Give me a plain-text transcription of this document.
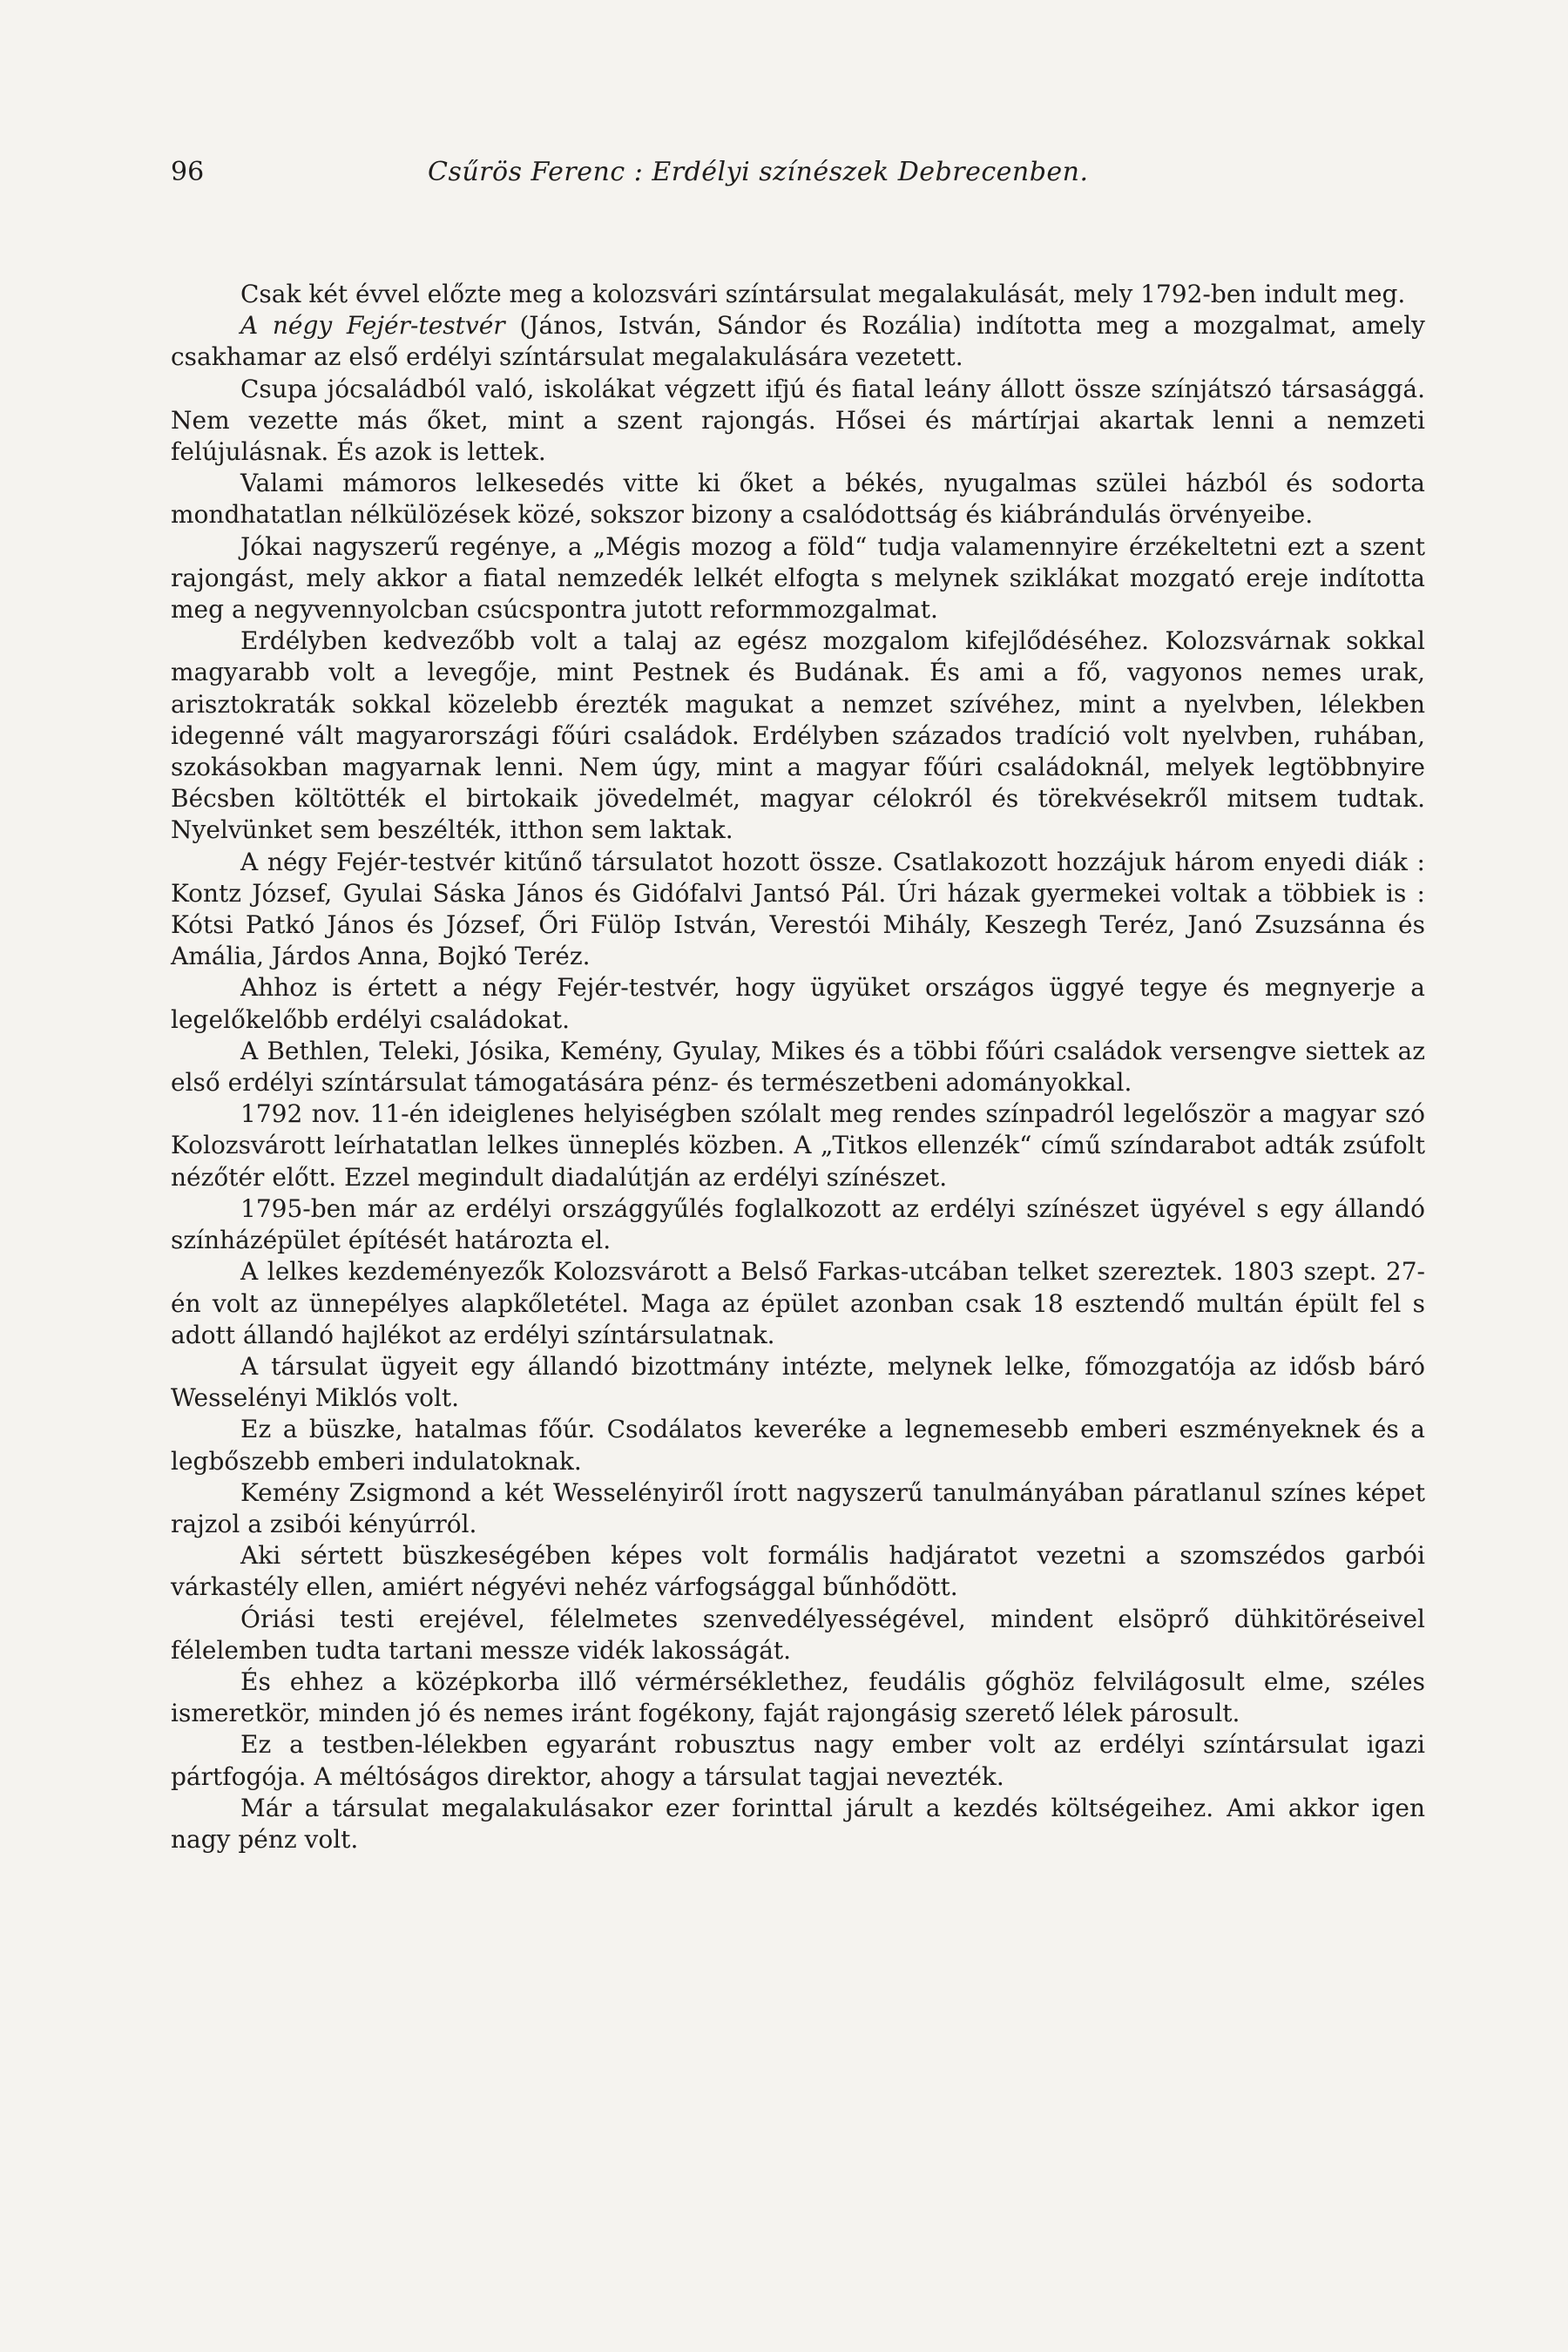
96	Csűrös Ferenc : Erdélyi színészek Debrecenben.

Csak két évvel előzte meg a kolozsvári színtársulat megalakulását, mely 1792-ben indult meg.

A négy Fejér-testvér (János, István, Sándor és Rozália) indította meg a mozgalmat, amely csakhamar az első erdélyi színtársulat megalakulására vezetett.

Csupa jócsaládból való, iskolákat végzett ifjú és fiatal leány állott össze színjátszó társasággá. Nem vezette más őket, mint a szent rajongás. Hősei és mártírjai akartak lenni a nemzeti felújulásnak. És azok is lettek.

Valami mámoros lelkesedés vitte ki őket a békés, nyugalmas szülei házból és sodorta mondhatatlan nélkülözések közé, sokszor bizony a csalódottság és kiábrándulás örvényeibe.

Jókai nagyszerű regénye, a „Mégis mozog a föld“ tudja valamennyire érzékeltetni ezt a szent rajongást, mely akkor a fiatal nemzedék lelkét elfogta s melynek sziklákat mozgató ereje indította meg a negyvennyolcban csúcspontra jutott reformmozgalmat.

Erdélyben kedvezőbb volt a talaj az egész mozgalom kifejlődéséhez. Kolozsvárnak sokkal magyarabb volt a levegője, mint Pestnek és Budának. És ami a fő, vagyonos nemes urak, arisztokraták sokkal közelebb érezték magukat a nemzet szívéhez, mint a nyelvben, lélekben idegenné vált magyarországi főúri családok. Erdélyben százados tradíció volt nyelvben, ruhában, szokásokban magyarnak lenni. Nem úgy, mint a magyar főúri családoknál, melyek legtöbbnyire Bécsben költötték el birtokaik jövedelmét, magyar célokról és törekvésekről mitsem tudtak. Nyelvünket sem beszélték, itthon sem laktak.

A négy Fejér-testvér kitűnő társulatot hozott össze. Csatlakozott hozzájuk három enyedi diák : Kontz József, Gyulai Sáska János és Gidófalvi Jantsó Pál. Úri házak gyermekei voltak a többiek is : Kótsi Patkó János és József, Őri Fülöp István, Verestói Mihály, Keszegh Teréz, Janó Zsuzsánna és Amália, Járdos Anna, Bojkó Teréz.

Ahhoz is értett a négy Fejér-testvér, hogy ügyüket országos üggyé tegye és megnyerje a legelőkelőbb erdélyi családokat.

A Bethlen, Teleki, Jósika, Kemény, Gyulay, Mikes és a többi főúri családok versengve siettek az első erdélyi színtársulat támogatására pénz- és természetbeni adományokkal.

1792 nov. 11-én ideiglenes helyiségben szólalt meg rendes színpadról legelőször a magyar szó Kolozsvárott leírhatatlan lelkes ünneplés közben. A „Titkos ellenzék“ című színdarabot adták zsúfolt nézőtér előtt. Ezzel megindult diadalútján az erdélyi színészet.

1795-ben már az erdélyi országgyűlés foglalkozott az erdélyi színészet ügyével s egy állandó színházépület építését határozta el.

A lelkes kezdeményezők Kolozsvárott a Belső Farkas-utcában telket szereztek. 1803 szept. 27-én volt az ünnepélyes alapkőletétel. Maga az épület azonban csak 18 esztendő multán épült fel s adott állandó hajlékot az erdélyi színtársulatnak.

A társulat ügyeit egy állandó bizottmány intézte, melynek lelke, főmozgatója az idősb báró Wesselényi Miklós volt.

Ez a büszke, hatalmas főúr. Csodálatos keveréke a legnemesebb emberi eszményeknek és a legbőszebb emberi indulatoknak.

Kemény Zsigmond a két Wesselényiről írott nagyszerű tanulmányában páratlanul színes képet rajzol a zsibói kényúrról.

Aki sértett büszkeségében képes volt formális hadjáratot vezetni a szomszédos garbói várkastély ellen, amiért négyévi nehéz várfogsággal bűnhődött.

Óriási testi erejével, félelmetes szenvedélyességével, mindent elsöprő dühkitöréseivel félelemben tudta tartani messze vidék lakosságát.

És ehhez a középkorba illő vérmérséklethez, feudális gőghöz felvilágosult elme, széles ismeretkör, minden jó és nemes iránt fogékony, faját rajongásig szerető lélek párosult.

Ez a testben-lélekben egyaránt robusztus nagy ember volt az erdélyi színtársulat igazi pártfogója. A méltóságos direktor, ahogy a társulat tagjai nevezték.

Már a társulat megalakulásakor ezer forinttal járult a kezdés költségeihez. Ami akkor igen nagy pénz volt.
